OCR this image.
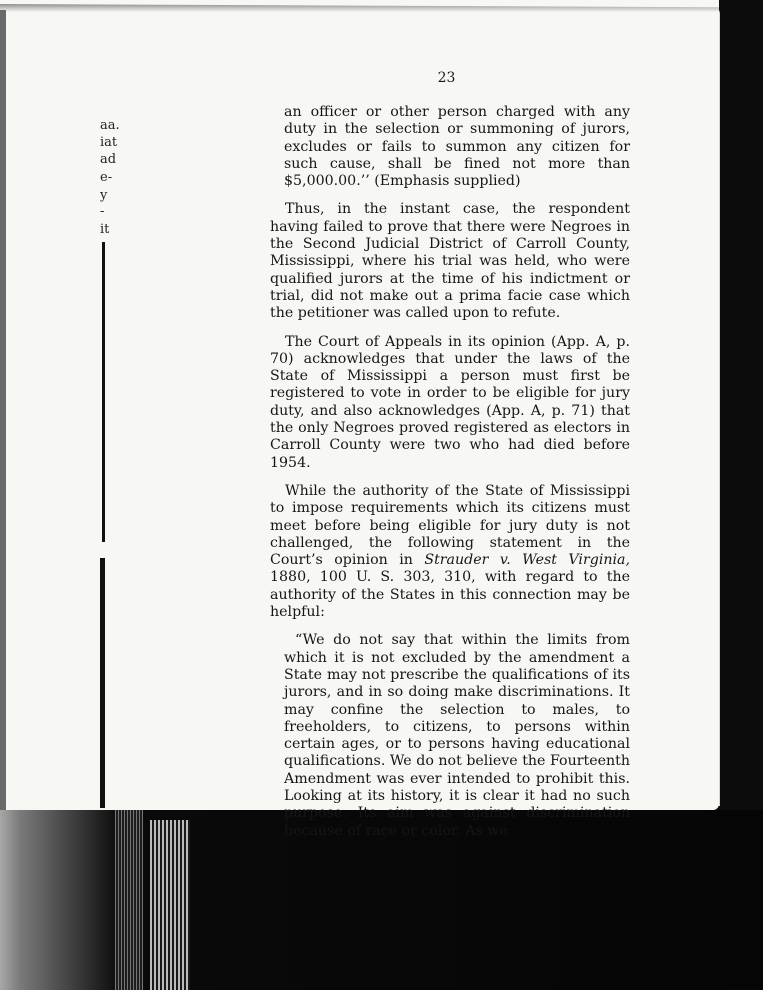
aa.
iat
ad
e-
y
-
it
23

an officer or other person charged with any duty in the selection or summoning of jurors, excludes or fails to summon any citizen for such cause, shall be fined not more than $5,000.00.’’ (Emphasis supplied)

Thus, in the instant case, the respondent having failed to prove that there were Negroes in the Second Judicial District of Carroll County, Mississippi, where his trial was held, who were qualified jurors at the time of his indictment or trial, did not make out a prima facie case which the petitioner was called upon to refute.

The Court of Appeals in its opinion (App. A, p. 70) acknowledges that under the laws of the State of Mississippi a person must first be registered to vote in order to be eligible for jury duty, and also acknowledges (App. A, p. 71) that the only Negroes proved registered as electors in Carroll County were two who had died before 1954.

While the authority of the State of Mississippi to impose requirements which its citizens must meet before being eligible for jury duty is not challenged, the following statement in the Court’s opinion in Strauder v. West Virginia, 1880, 100 U. S. 303, 310, with regard to the authority of the States in this connection may be helpful:

“We do not say that within the limits from which it is not excluded by the amendment a State may not prescribe the qualifications of its jurors, and in so doing make discriminations. It may confine the selection to males, to freeholders, to citizens, to persons within certain ages, or to persons having educational qualifications. We do not believe the Fourteenth Amendment was ever intended to prohibit this. Looking at its history, it is clear it had no such purpose. Its aim was against discrimination because of race or color. As we
